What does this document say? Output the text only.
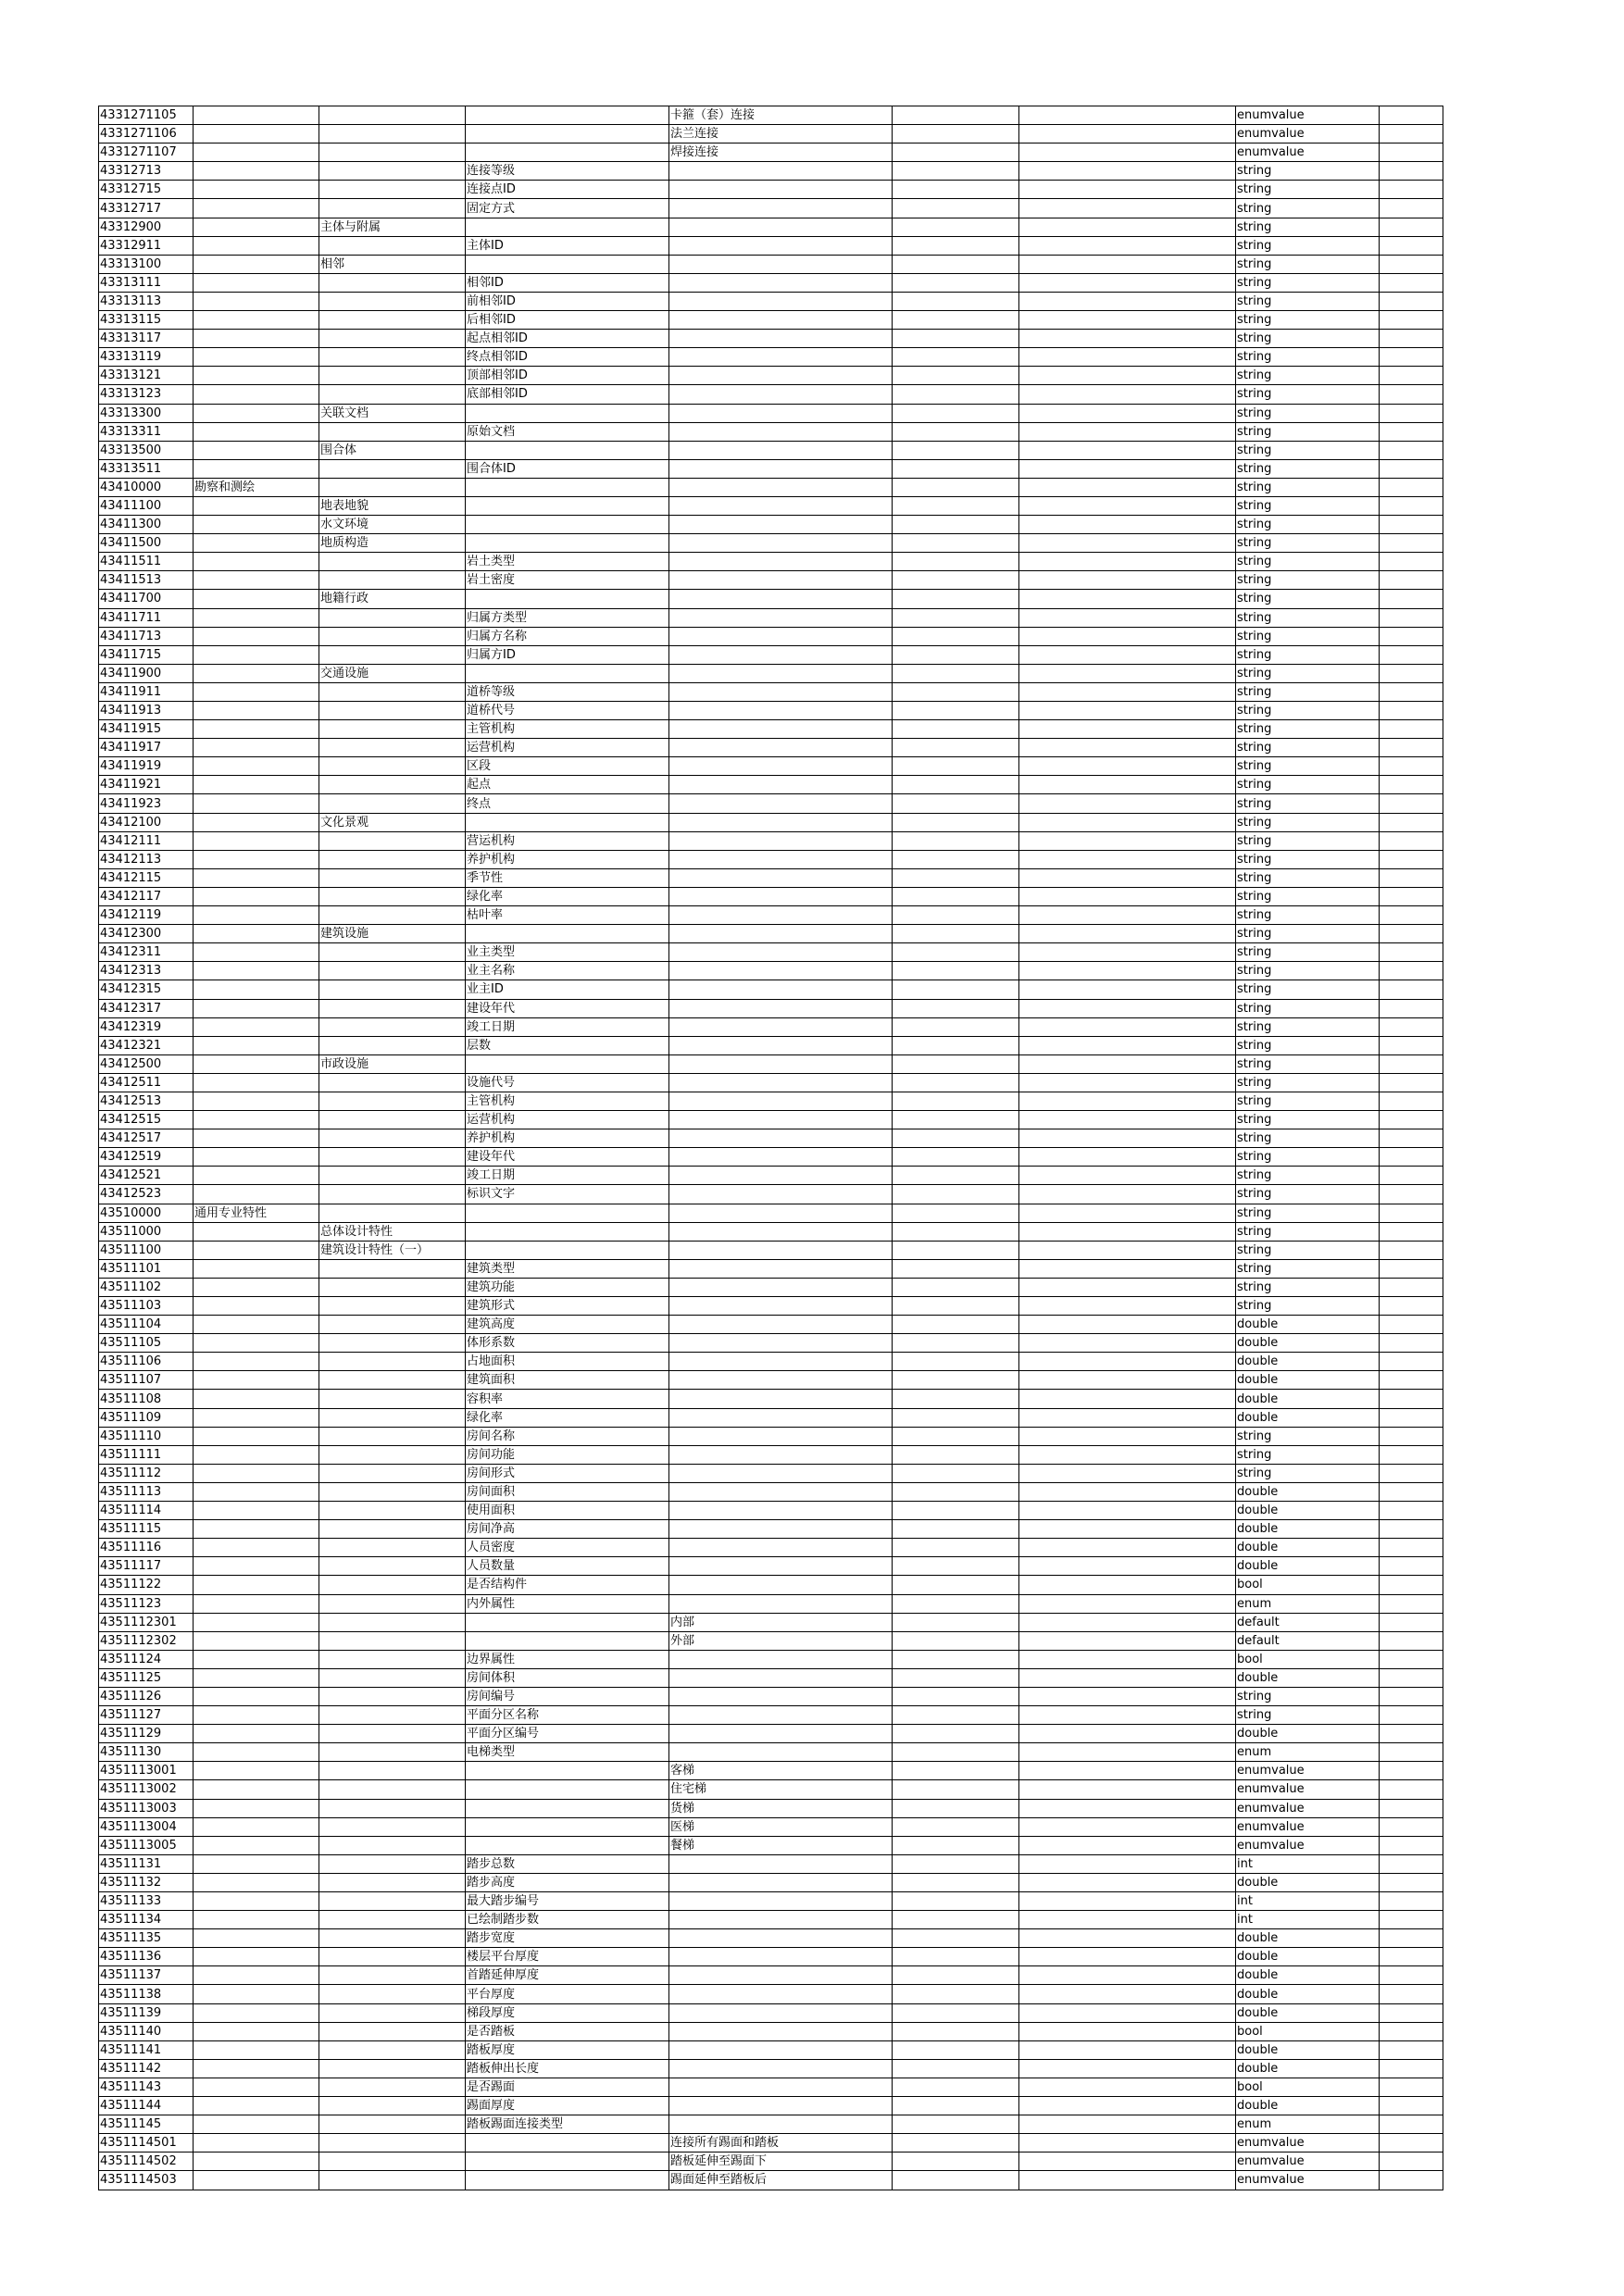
4331271105				卡箍（套）连接			enumvalue	
4331271106				法兰连接			enumvalue	
4331271107				焊接连接			enumvalue	
43312713			连接等级				string	
43312715			连接点ID				string	
43312717			固定方式				string	
43312900		主体与附属					string	
43312911			主体ID				string	
43313100		相邻					string	
43313111			相邻ID				string	
43313113			前相邻ID				string	
43313115			后相邻ID				string	
43313117			起点相邻ID				string	
43313119			终点相邻ID				string	
43313121			顶部相邻ID				string	
43313123			底部相邻ID				string	
43313300		关联文档					string	
43313311			原始文档				string	
43313500		围合体					string	
43313511			围合体ID				string	
43410000	勘察和测绘						string	
43411100		地表地貌					string	
43411300		水文环境					string	
43411500		地质构造					string	
43411511			岩土类型				string	
43411513			岩土密度				string	
43411700		地籍行政					string	
43411711			归属方类型				string	
43411713			归属方名称				string	
43411715			归属方ID				string	
43411900		交通设施					string	
43411911			道桥等级				string	
43411913			道桥代号				string	
43411915			主管机构				string	
43411917			运营机构				string	
43411919			区段				string	
43411921			起点				string	
43411923			终点				string	
43412100		文化景观					string	
43412111			营运机构				string	
43412113			养护机构				string	
43412115			季节性				string	
43412117			绿化率				string	
43412119			枯叶率				string	
43412300		建筑设施					string	
43412311			业主类型				string	
43412313			业主名称				string	
43412315			业主ID				string	
43412317			建设年代				string	
43412319			竣工日期				string	
43412321			层数				string	
43412500		市政设施					string	
43412511			设施代号				string	
43412513			主管机构				string	
43412515			运营机构				string	
43412517			养护机构				string	
43412519			建设年代				string	
43412521			竣工日期				string	
43412523			标识文字				string	
43510000	通用专业特性						string	
43511000		总体设计特性					string	
43511100		建筑设计特性（一）					string	
43511101			建筑类型				string	
43511102			建筑功能				string	
43511103			建筑形式				string	
43511104			建筑高度				double	
43511105			体形系数				double	
43511106			占地面积				double	
43511107			建筑面积				double	
43511108			容积率				double	
43511109			绿化率				double	
43511110			房间名称				string	
43511111			房间功能				string	
43511112			房间形式				string	
43511113			房间面积				double	
43511114			使用面积				double	
43511115			房间净高				double	
43511116			人员密度				double	
43511117			人员数量				double	
43511122			是否结构件				bool	
43511123			内外属性				enum	
4351112301				内部			default	
4351112302				外部			default	
43511124			边界属性				bool	
43511125			房间体积				double	
43511126			房间编号				string	
43511127			平面分区名称				string	
43511129			平面分区编号				double	
43511130			电梯类型				enum	
4351113001				客梯			enumvalue	
4351113002				住宅梯			enumvalue	
4351113003				货梯			enumvalue	
4351113004				医梯			enumvalue	
4351113005				餐梯			enumvalue	
43511131			踏步总数				int	
43511132			踏步高度				double	
43511133			最大踏步编号				int	
43511134			已绘制踏步数				int	
43511135			踏步宽度				double	
43511136			楼层平台厚度				double	
43511137			首踏延伸厚度				double	
43511138			平台厚度				double	
43511139			梯段厚度				double	
43511140			是否踏板				bool	
43511141			踏板厚度				double	
43511142			踏板伸出长度				double	
43511143			是否踢面				bool	
43511144			踢面厚度				double	
43511145			踏板踢面连接类型				enum	
4351114501				连接所有踢面和踏板			enumvalue	
4351114502				踏板延伸至踢面下			enumvalue	
4351114503				踢面延伸至踏板后			enumvalue	
